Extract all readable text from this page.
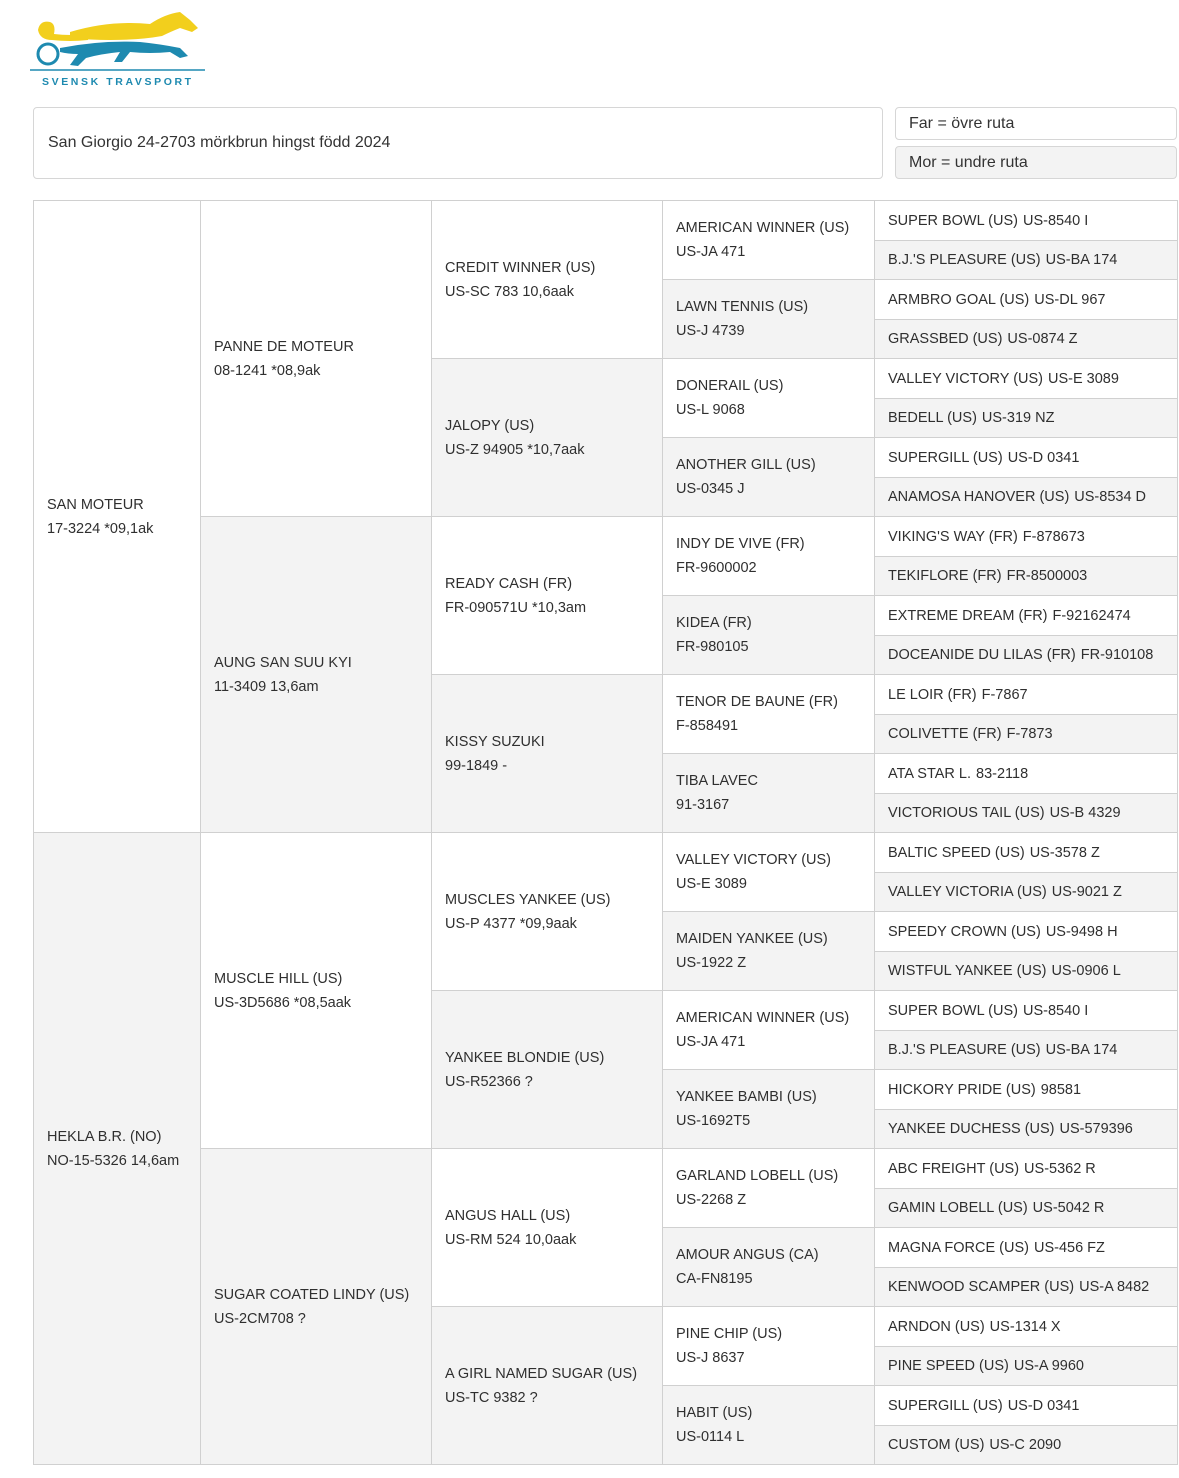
SVENSK TRAVSPORT
San Giorgio 24-2703 mörkbrun hingst född 2024
Far = övre ruta
Mor = undre ruta
SAN MOTEUR
17-3224 *09,1ak
HEKLA B.R. (NO)
NO-15-5326 14,6am
PANNE DE MOTEUR
08-1241 *08,9ak
AUNG SAN SUU KYI
11-3409 13,6am
MUSCLE HILL (US)
US-3D5686 *08,5aak
SUGAR COATED LINDY (US)
US-2CM708 ?
CREDIT WINNER (US)
US-SC 783 10,6aak
JALOPY (US)
US-Z 94905 *10,7aak
READY CASH (FR)
FR-090571U *10,3am
KISSY SUZUKI
99-1849 -
MUSCLES YANKEE (US)
US-P 4377 *09,9aak
YANKEE BLONDIE (US)
US-R52366 ?
ANGUS HALL (US)
US-RM 524 10,0aak
A GIRL NAMED SUGAR (US)
US-TC 9382 ?
AMERICAN WINNER (US)
US-JA 471
LAWN TENNIS (US)
US-J 4739
DONERAIL (US)
US-L 9068
ANOTHER GILL (US)
US-0345 J
INDY DE VIVE (FR)
FR-9600002
KIDEA (FR)
FR-980105
TENOR DE BAUNE (FR)
F-858491
TIBA LAVEC
91-3167
VALLEY VICTORY (US)
US-E 3089
MAIDEN YANKEE (US)
US-1922 Z
AMERICAN WINNER (US)
US-JA 471
YANKEE BAMBI (US)
US-1692T5
GARLAND LOBELL (US)
US-2268 Z
AMOUR ANGUS (CA)
CA-FN8195
PINE CHIP (US)
US-J 8637
HABIT (US)
US-0114 L
SUPER BOWL (US) US-8540 I
B.J.'S PLEASURE (US) US-BA 174
ARMBRO GOAL (US) US-DL 967
GRASSBED (US) US-0874 Z
VALLEY VICTORY (US) US-E 3089
BEDELL (US) US-319 NZ
SUPERGILL (US) US-D 0341
ANAMOSA HANOVER (US) US-8534 D
VIKING'S WAY (FR) F-878673
TEKIFLORE (FR) FR-8500003
EXTREME DREAM (FR) F-92162474
DOCEANIDE DU LILAS (FR) FR-910108
LE LOIR (FR) F-7867
COLIVETTE (FR) F-7873
ATA STAR L. 83-2118
VICTORIOUS TAIL (US) US-B 4329
BALTIC SPEED (US) US-3578 Z
VALLEY VICTORIA (US) US-9021 Z
SPEEDY CROWN (US) US-9498 H
WISTFUL YANKEE (US) US-0906 L
SUPER BOWL (US) US-8540 I
B.J.'S PLEASURE (US) US-BA 174
HICKORY PRIDE (US) 98581
YANKEE DUCHESS (US) US-579396
ABC FREIGHT (US) US-5362 R
GAMIN LOBELL (US) US-5042 R
MAGNA FORCE (US) US-456 FZ
KENWOOD SCAMPER (US) US-A 8482
ARNDON (US) US-1314 X
PINE SPEED (US) US-A 9960
SUPERGILL (US) US-D 0341
CUSTOM (US) US-C 2090
